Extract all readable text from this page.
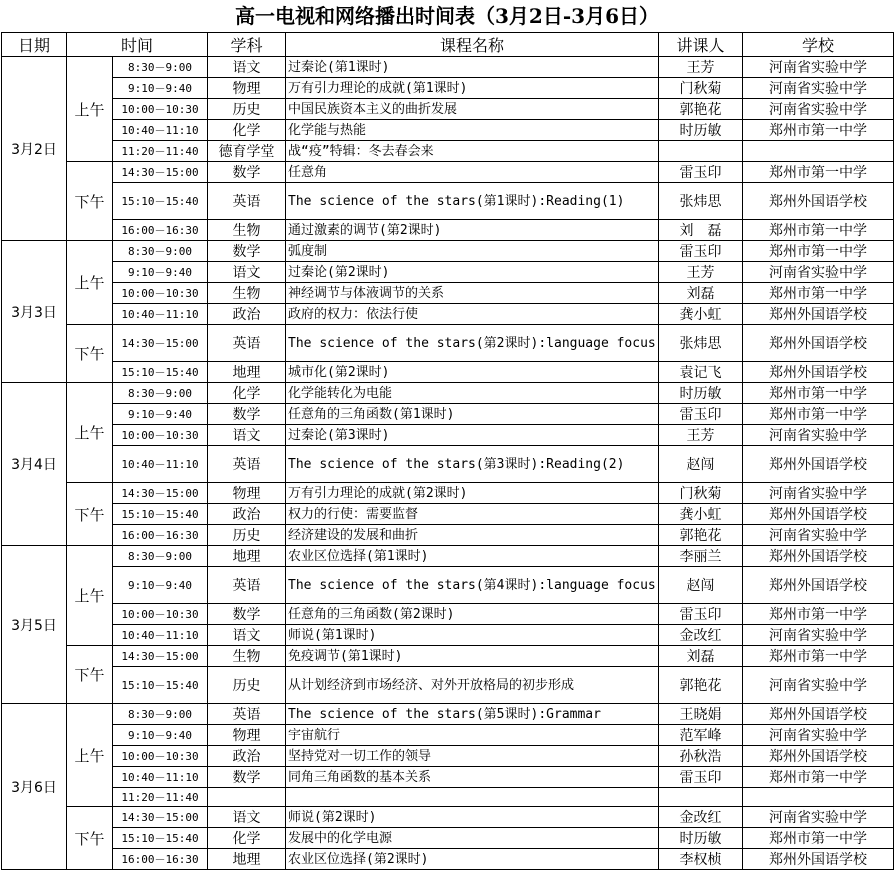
高一电视和网络播出时间表（3月2日-3月6日）
日期	时间		学科	课程名称	讲课人	学校
3月2日	上午	8:30－9:00	语文	过秦论(第1课时)	王芳	河南省实验中学
		9:10－9:40	物理	万有引力理论的成就(第1课时)	门秋菊	河南省实验中学
		10:00－10:30	历史	中国民族资本主义的曲折发展	郭艳花	河南省实验中学
		10:40－11:10	化学	化学能与热能	时历敏	郑州市第一中学
		11:20－11:40	德育学堂	战“疫”特辑：冬去春会来		
	下午	14:30－15:00	数学	任意角	雷玉印	郑州市第一中学
		15:10－15:40	英语	The science of the stars(第1课时):Reading(1)	张炜思	郑州外国语学校
		16:00－16:30	生物	通过激素的调节(第2课时)	刘　磊	郑州市第一中学
3月3日	上午	8:30－9:00	数学	弧度制	雷玉印	郑州市第一中学
		9:10－9:40	语文	过秦论(第2课时)	王芳	河南省实验中学
		10:00－10:30	生物	神经调节与体液调节的关系	刘磊	郑州市第一中学
		10:40－11:10	政治	政府的权力：依法行使	龚小虹	郑州外国语学校
	下午	14:30－15:00	英语	The science of the stars(第2课时):language focus	张炜思	郑州外国语学校
		15:10－15:40	地理	城市化(第2课时)	袁记飞	郑州外国语学校
3月4日	上午	8:30－9:00	化学	化学能转化为电能	时历敏	郑州市第一中学
		9:10－9:40	数学	任意角的三角函数(第1课时)	雷玉印	郑州市第一中学
		10:00－10:30	语文	过秦论(第3课时)	王芳	河南省实验中学
		10:40－11:10	英语	The science of the stars(第3课时):Reading(2)	赵闯	郑州外国语学校
	下午	14:30－15:00	物理	万有引力理论的成就(第2课时)	门秋菊	河南省实验中学
		15:10－15:40	政治	权力的行使：需要监督	龚小虹	郑州外国语学校
		16:00－16:30	历史	经济建设的发展和曲折	郭艳花	河南省实验中学
3月5日	上午	8:30－9:00	地理	农业区位选择(第1课时)	李丽兰	郑州外国语学校
		9:10－9:40	英语	The science of the stars(第4课时):language focus	赵闯	郑州外国语学校
		10:00－10:30	数学	任意角的三角函数(第2课时)	雷玉印	郑州市第一中学
		10:40－11:10	语文	师说(第1课时)	金改红	河南省实验中学
	下午	14:30－15:00	生物	免疫调节(第1课时)	刘磊	郑州市第一中学
		15:10－15:40	历史	从计划经济到市场经济、对外开放格局的初步形成	郭艳花	河南省实验中学
3月6日	上午	8:30－9:00	英语	The science of the stars(第5课时):Grammar	王晓娟	郑州外国语学校
		9:10－9:40	物理	宇宙航行	范军峰	河南省实验中学
		10:00－10:30	政治	坚持党对一切工作的领导	孙秋浩	郑州外国语学校
		10:40－11:10	数学	同角三角函数的基本关系	雷玉印	郑州市第一中学
		11:20－11:40				
	下午	14:30－15:00	语文	师说(第2课时)	金改红	河南省实验中学
		15:10－15:40	化学	发展中的化学电源	时历敏	郑州市第一中学
		16:00－16:30	地理	农业区位选择(第2课时)	李权桢	郑州外国语学校
